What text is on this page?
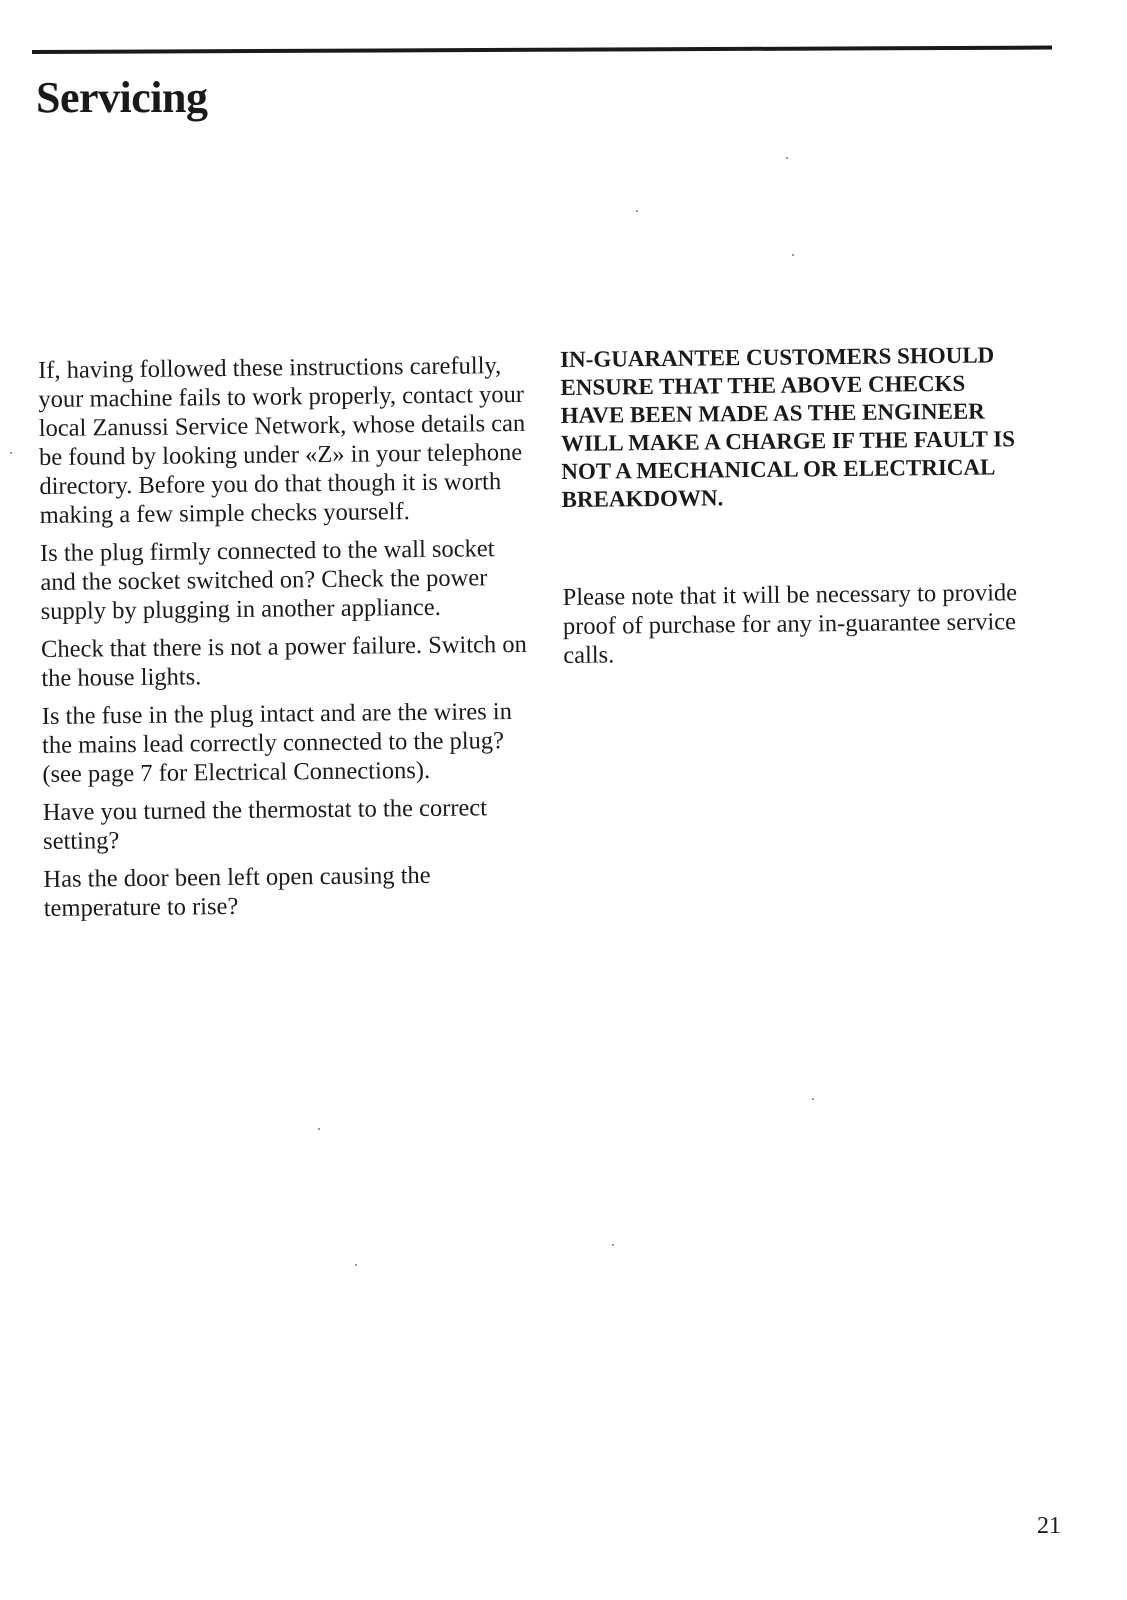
Servicing

If, having followed these instructions carefully, your machine fails to work properly, contact your local Zanussi Service Network, whose details can be found by looking under «Z» in your telephone directory. Before you do that though it is worth making a few simple checks yourself.

Is the plug firmly connected to the wall socket and the socket switched on? Check the power supply by plugging in another appliance.

Check that there is not a power failure. Switch on the house lights.

Is the fuse in the plug intact and are the wires in the mains lead correctly connected to the plug? (see page 7 for Electrical Connections).

Have you turned the thermostat to the correct setting?

Has the door been left open causing the temperature to rise?

IN-GUARANTEE CUSTOMERS SHOULD ENSURE THAT THE ABOVE CHECKS HAVE BEEN MADE AS THE ENGINEER WILL MAKE A CHARGE IF THE FAULT IS NOT A MECHANICAL OR ELECTRICAL BREAKDOWN.

Please note that it will be necessary to provide proof of purchase for any in-guarantee service calls.

21
